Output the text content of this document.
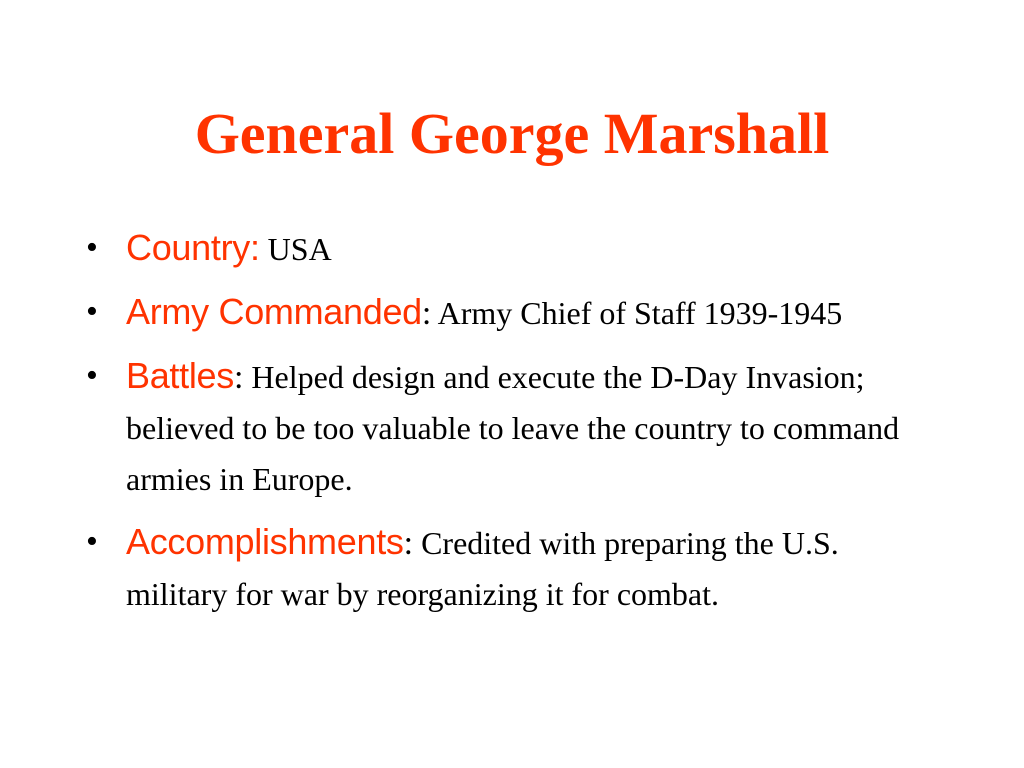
General George Marshall
• Country: USA
• Army Commanded: Army Chief of Staff 1939-1945
• Battles: Helped design and execute the D-Day Invasion; believed to be too valuable to leave the country to command armies in Europe.
• Accomplishments: Credited with preparing the U.S. military for war by reorganizing it for combat.
